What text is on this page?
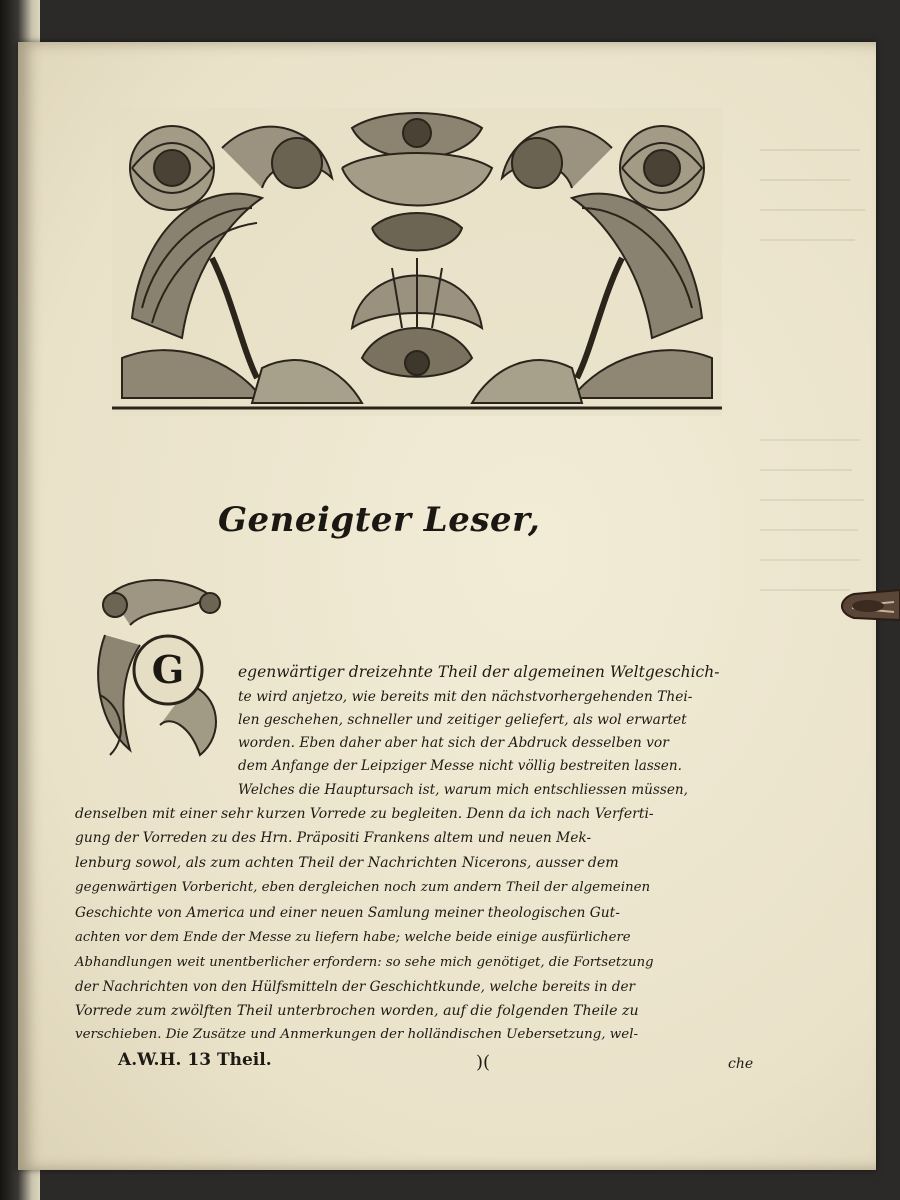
Geneigter Leser,
G	egenwärtiger dreizehnte Theil der algemeinen Weltgeschich-
te wird anjetzo, wie bereits mit den nächstvorhergehenden Thei-
len geschehen, schneller und zeitiger geliefert, als wol erwartet
worden. Eben daher aber hat sich der Abdruck desselben vor
dem Anfange der Leipziger Messe nicht völlig bestreiten lassen.
Welches die Hauptursach ist, warum mich entschliessen müssen,
denselben mit einer sehr kurzen Vorrede zu begleiten. Denn da ich nach Verferti-
gung der Vorreden zu des Hrn. Präpositi Frankens altem und neuen Mek-
lenburg sowol, als zum achten Theil der Nachrichten Nicerons, ausser dem
gegenwärtigen Vorbericht, eben dergleichen noch zum andern Theil der algemeinen
Geschichte von America und einer neuen Samlung meiner theologischen Gut-
achten vor dem Ende der Messe zu liefern habe; welche beide einige ausfürlichere
Abhandlungen weit unentberlicher erfordern: so sehe mich genötiget, die Fortsetzung
der Nachrichten von den Hülfsmitteln der Geschichtkunde, welche bereits in der
Vorrede zum zwölften Theil unterbrochen worden, auf die folgenden Theile zu
verschieben. Die Zusätze und Anmerkungen der holländischen Uebersetzung, wel-
A.W.H. 13 Theil.	)(	che
